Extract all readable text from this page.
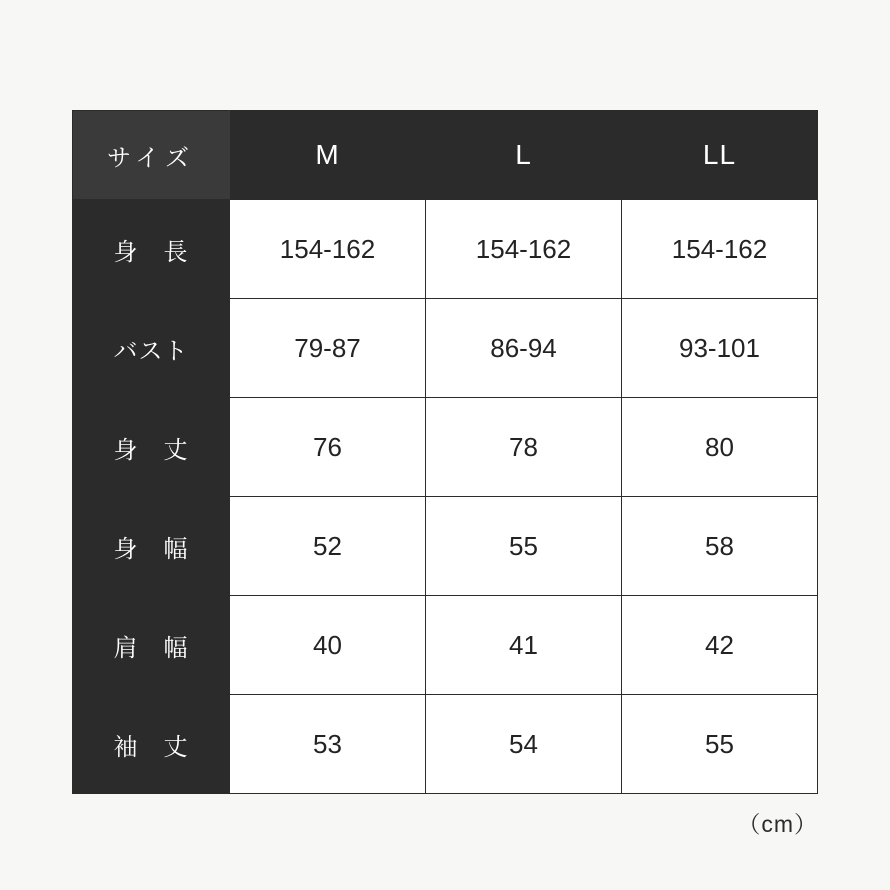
サイズ	M	L	LL
身　長	154-162	154-162	154-162
バスト	79-87	86-94	93-101
身　丈	76	78	80
身　幅	52	55	58
肩　幅	40	41	42
袖　丈	53	54	55
（cm）
